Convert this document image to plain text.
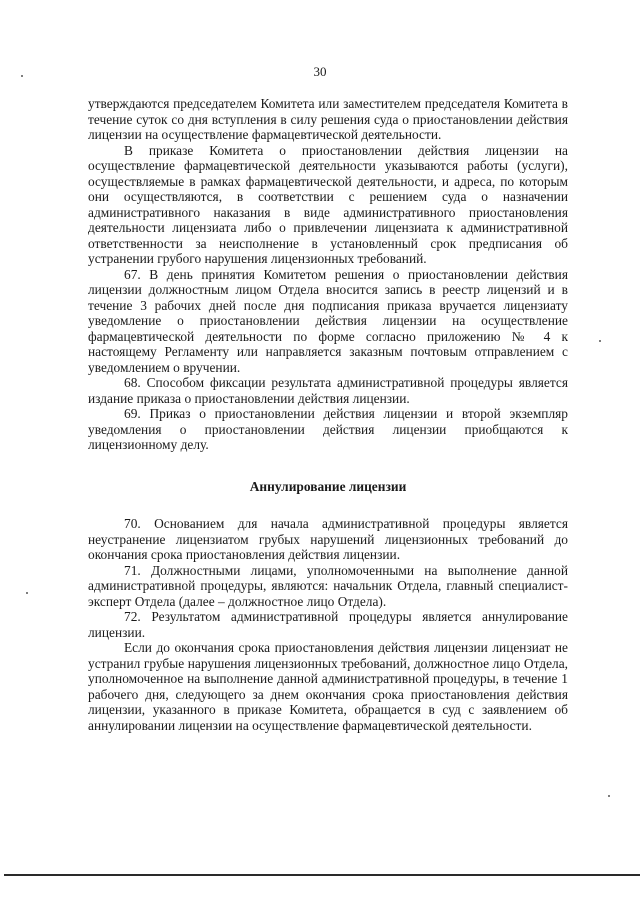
30

утверждаются председателем Комитета или заместителем председателя Комитета в течение суток со дня вступления в силу решения суда о приостановлении действия лицензии на осуществление фармацевтической деятельности.

В приказе Комитета о приостановлении действия лицензии на осуществление фармацевтической деятельности указываются работы (услуги), осуществляемые в рамках фармацевтической деятельности, и адреса, по которым они осуществляются, в соответствии с решением суда о назначении административного наказания в виде административного приостановления деятельности лицензиата либо о привлечении лицензиата к административной ответственности за неисполнение в установленный срок предписания об устранении грубого нарушения лицензионных требований.

67. В день принятия Комитетом решения о приостановлении действия лицензии должностным лицом Отдела вносится запись в реестр лицензий и в течение 3 рабочих дней после дня подписания приказа вручается лицензиату уведомление о приостановлении действия лицензии на осуществление фармацевтической деятельности по форме согласно приложению № 4 к настоящему Регламенту или направляется заказным почтовым отправлением с уведомлением о вручении.

68. Способом фиксации результата административной процедуры является издание приказа о приостановлении действия лицензии.

69. Приказ о приостановлении действия лицензии и второй экземпляр уведомления о приостановлении действия лицензии приобщаются к лицензионному делу.

Аннулирование лицензии

70. Основанием для начала административной процедуры является неустранение лицензиатом грубых нарушений лицензионных требований до окончания срока приостановления действия лицензии.

71. Должностными лицами, уполномоченными на выполнение данной административной процедуры, являются: начальник Отдела, главный специалист-эксперт Отдела (далее – должностное лицо Отдела).

72. Результатом административной процедуры является аннулирование лицензии.

Если до окончания срока приостановления действия лицензии лицензиат не устранил грубые нарушения лицензионных требований, должностное лицо Отдела, уполномоченное на выполнение данной административной процедуры, в течение 1 рабочего дня, следующего за днем окончания срока приостановления действия лицензии, указанного в приказе Комитета, обращается в суд с заявлением об аннулировании лицензии на осуществление фармацевтической деятельности.
